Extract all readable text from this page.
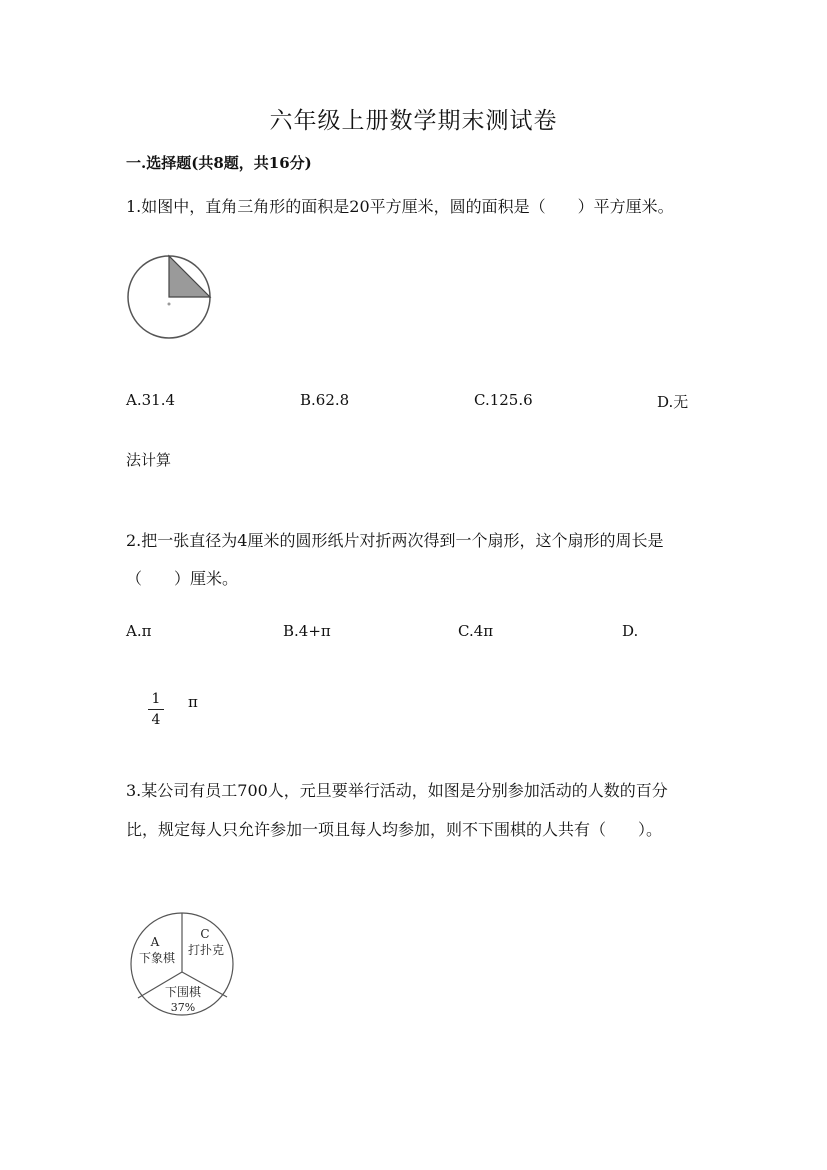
六年级上册数学期末测试卷
一.选择题(共8题，共16分)
1.如图中，直角三角形的面积是20平方厘米，圆的面积是（　　）平方厘米。
A.31.4	B.62.8	C.125.6	D.无
法计算
2.把一张直径为4厘米的圆形纸片对折两次得到一个扇形，这个扇形的周长是
（　　）厘米。
A.π	B.4+π	C.4π	D.
1
4
π
3.某公司有员工700人，元旦要举行活动，如图是分别参加活动的人数的百分
比，规定每人只允许参加一项且每人均参加，则不下围棋的人共有（　　）。
A
下象棋
C
打扑克
下围棋
37%
